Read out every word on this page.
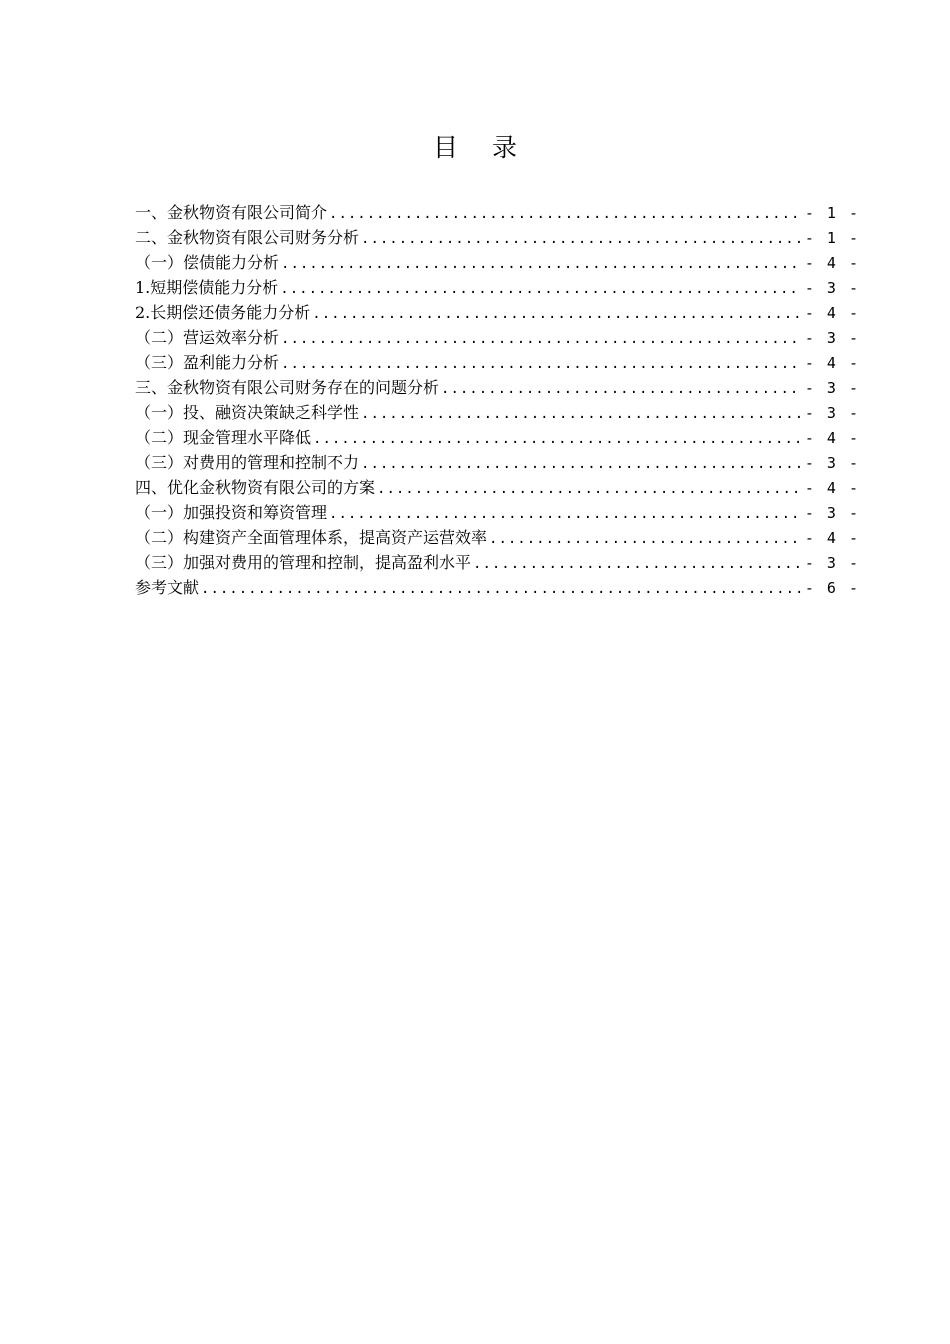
目录
一、金秋物资有限公司简介 .....	- 1 -
二、金秋物资有限公司财务分析 .....	- 1 -
（一）偿债能力分析 .....	- 4 -
1.短期偿债能力分析 .....	- 3 -
2.长期偿还债务能力分析 .....	- 4 -
（二）营运效率分析 .....	- 3 -
（三）盈利能力分析 .....	- 4 -
三、金秋物资有限公司财务存在的问题分析 .....	- 3 -
（一）投、融资决策缺乏科学性 .....	- 3 -
（二）现金管理水平降低 .....	- 4 -
（三）对费用的管理和控制不力 .....	- 3 -
四、优化金秋物资有限公司的方案 .....	- 4 -
（一）加强投资和筹资管理 .....	- 3 -
（二）构建资产全面管理体系，提高资产运营效率 .....	- 4 -
（三）加强对费用的管理和控制，提高盈利水平 .....	- 3 -
参考文献 .....	- 6 -
